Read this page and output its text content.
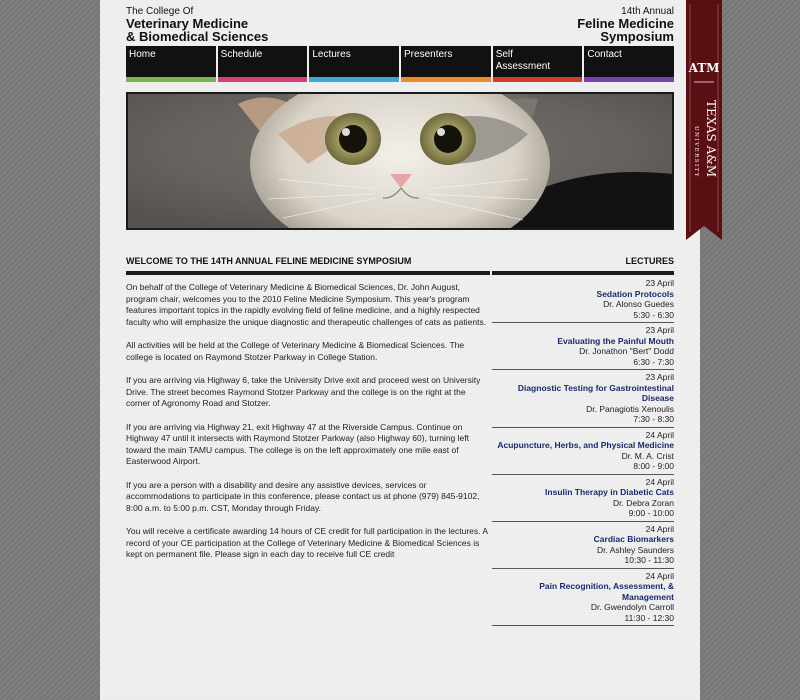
The College Of
Veterinary Medicine
& Biomedical Sciences
14th Annual
Feline Medicine
Symposium
Home	Schedule	Lectures	Presenters	Self Assessment
Contact
WELCOME TO THE 14TH ANNUAL FELINE MEDICINE SYMPOSIUM	LECTURES

On behalf of the College of Veterinary Medicine & Biomedical Sciences, Dr. John August, program chair, welcomes you to the 2010 Feline Medicine Symposium. This year's program features important topics in the rapidly evolving field of feline medicine, and a highly respected faculty who will emphasize the unique diagnostic and therapeutic challenges of cats as patients.

All activities will be held at the College of Veterinary Medicine & Biomedical Sciences. The college is located on Raymond Stotzer Parkway in College Station.

If you are arriving via Highway 6, take the University Drive exit and proceed west on University Drive. The street becomes Raymond Stotzer Parkway and the college is on the right at the corner of Agronomy Road and Stotzer.

If you are arriving via Highway 21, exit Highway 47 at the Riverside Campus. Continue on Highway 47 until it intersects with Raymond Stotzer Parkway (also Highway 60), turning left toward the main TAMU campus. The college is on the left approximately one mile east of Easterwood Airport.

If you are a person with a disability and desire any assistive devices, services or accommodations to participate in this conference, please contact us at phone (979) 845-9102, 8:00 a.m. to 5:00 p.m. CST, Monday through Friday.

You will receive a certificate awarding 14 hours of CE credit for full participation in the lectures. A record of your CE participation at the College of Veterinary Medicine & Biomedical Sciences is kept on permanent file. Please sign in each day to receive full CE credit

23 April
Sedation Protocols
Dr. Alonso Guedes
5:30 - 6:30
23 April
Evaluating the Painful Mouth
Dr. Jonathon "Bert" Dodd
6:30 - 7:30
23 April
Diagnostic Testing for Gastrointestinal Disease
Dr. Panagiotis Xenoulis
7:30 - 8:30
24 April
Acupuncture, Herbs, and Physical Medicine
Dr. M. A. Crist
8:00 - 9:00
24 April
Insulin Therapy in Diabetic Cats
Dr. Debra Zoran
9:00 - 10:00
24 April
Cardiac Biomarkers
Dr. Ashley Saunders
10:30 - 11:30
24 April
Pain Recognition, Assessment, & Management
Dr. Gwendolyn Carroll
11:30 - 12:30
ATM
TEXAS A&M
UNIVERSITY
